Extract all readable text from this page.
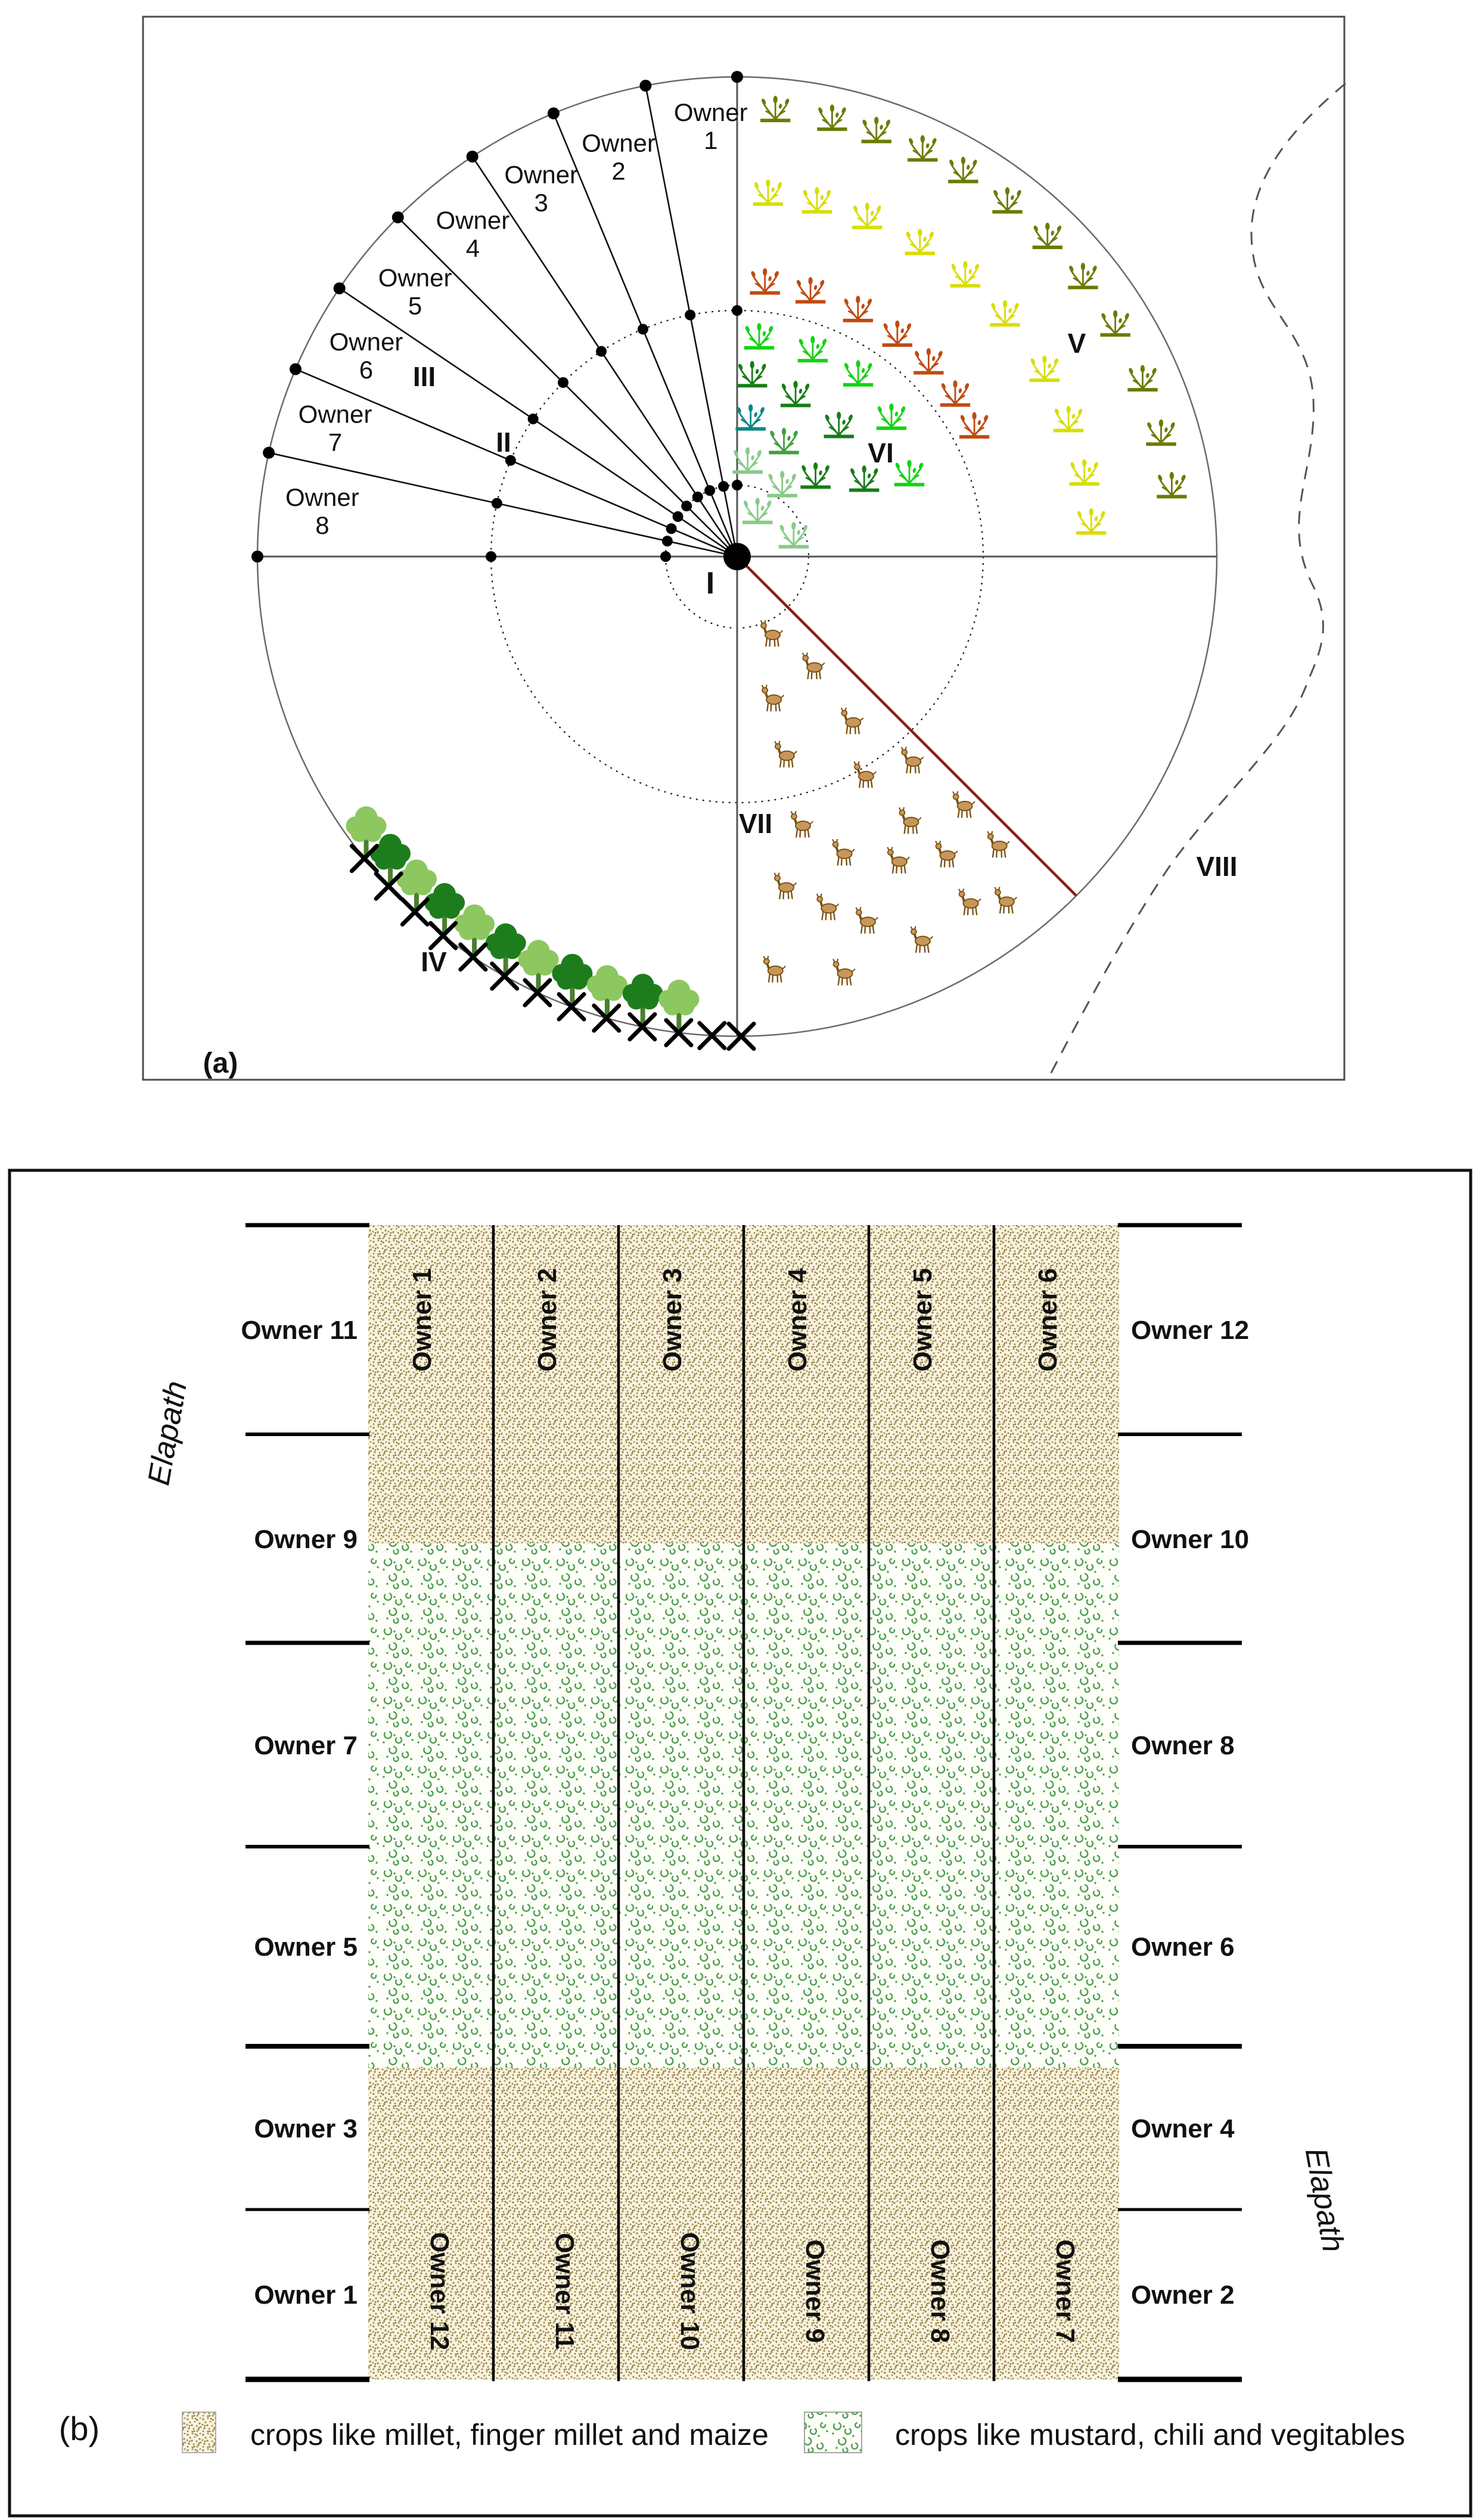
Owner 1
Owner 2
Owner 3
Owner 4
Owner 5
Owner 6
Owner 7
Owner 8
I
II
III
IV
V
VI
VII
VIII
(a)
Owner 11
Owner 9
Owner 7
Owner 5
Owner 3
Owner 1
Owner 12
Owner 10
Owner 8
Owner 6
Owner 4
Owner 2
Owner 1	Owner 2	Owner 3	Owner 4	Owner 5	Owner 6
Owner 12	Owner 11	Owner 10	Owner 9	Owner 8	Owner 7
Elapath
Elapath
(b)	crops like millet, finger millet and maize	crops like mustard, chili and vegitables
